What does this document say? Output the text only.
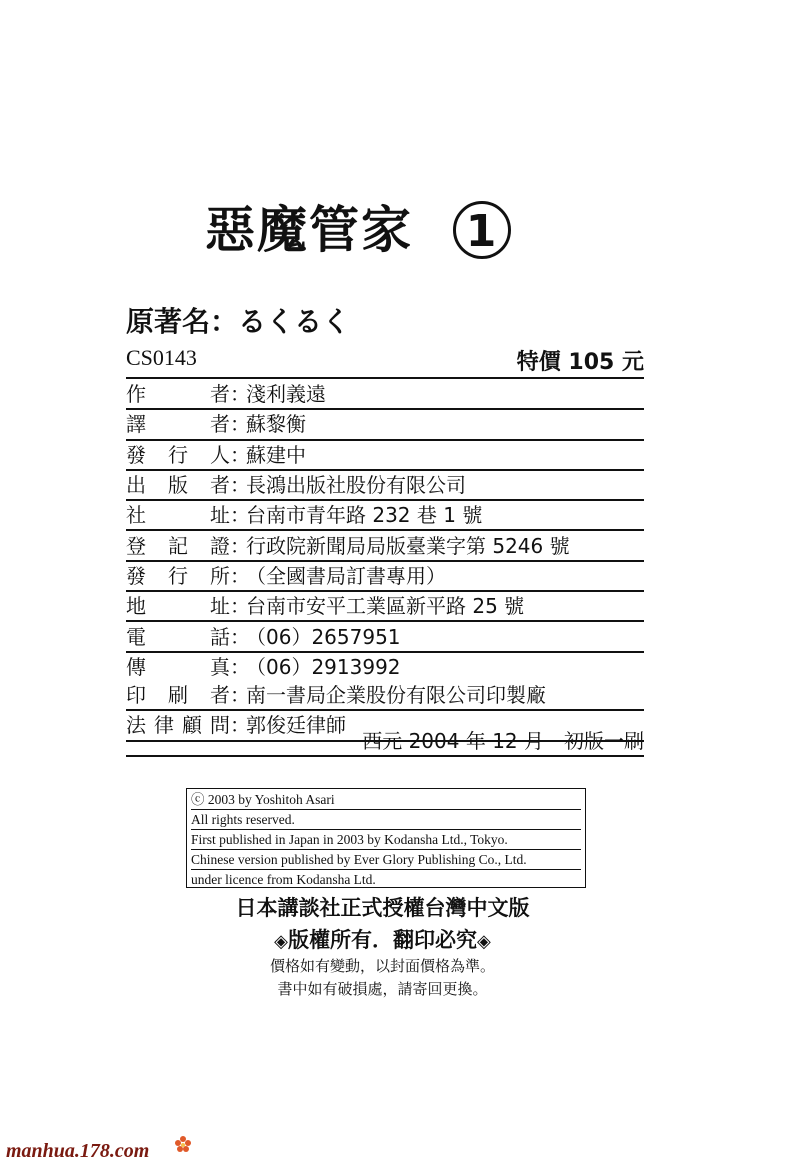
惡魔管家 1
原著名：るくるく
CS0143	特價 105 元
作	者 ：
淺利義遠
譯	者 ：
蘇黎衡
發 行 人 ：
蘇建中
出 版 者 ：
長鴻出版社股份有限公司
社	址 ：
台南市青年路 232 巷 1 號
登 記 證 ：
行政院新聞局局版臺業字第 5246 號
發 行 所 ：
（全國書局訂書專用）
地	址 ：
台南市安平工業區新平路 25 號
電	話 ：
（06）2657951
傳	真 ：
（06）2913992
印 刷 者 ：
南一書局企業股份有限公司印製廠
法 律 顧 問 ：
郭俊廷律師
西元 2004 年 12 月　初版一刷
ⓒ 2003 by Yoshitoh Asari
All rights reserved.
First published in Japan in 2003 by Kodansha Ltd., Tokyo.
Chinese version published by Ever Glory Publishing Co., Ltd.
under licence from Kodansha Ltd.
日本講談社正式授權台灣中文版
◈版權所有．翻印必究◈
價格如有變動，以封面價格為準。
書中如有破損處，請寄回更換。
manhua.178.com
